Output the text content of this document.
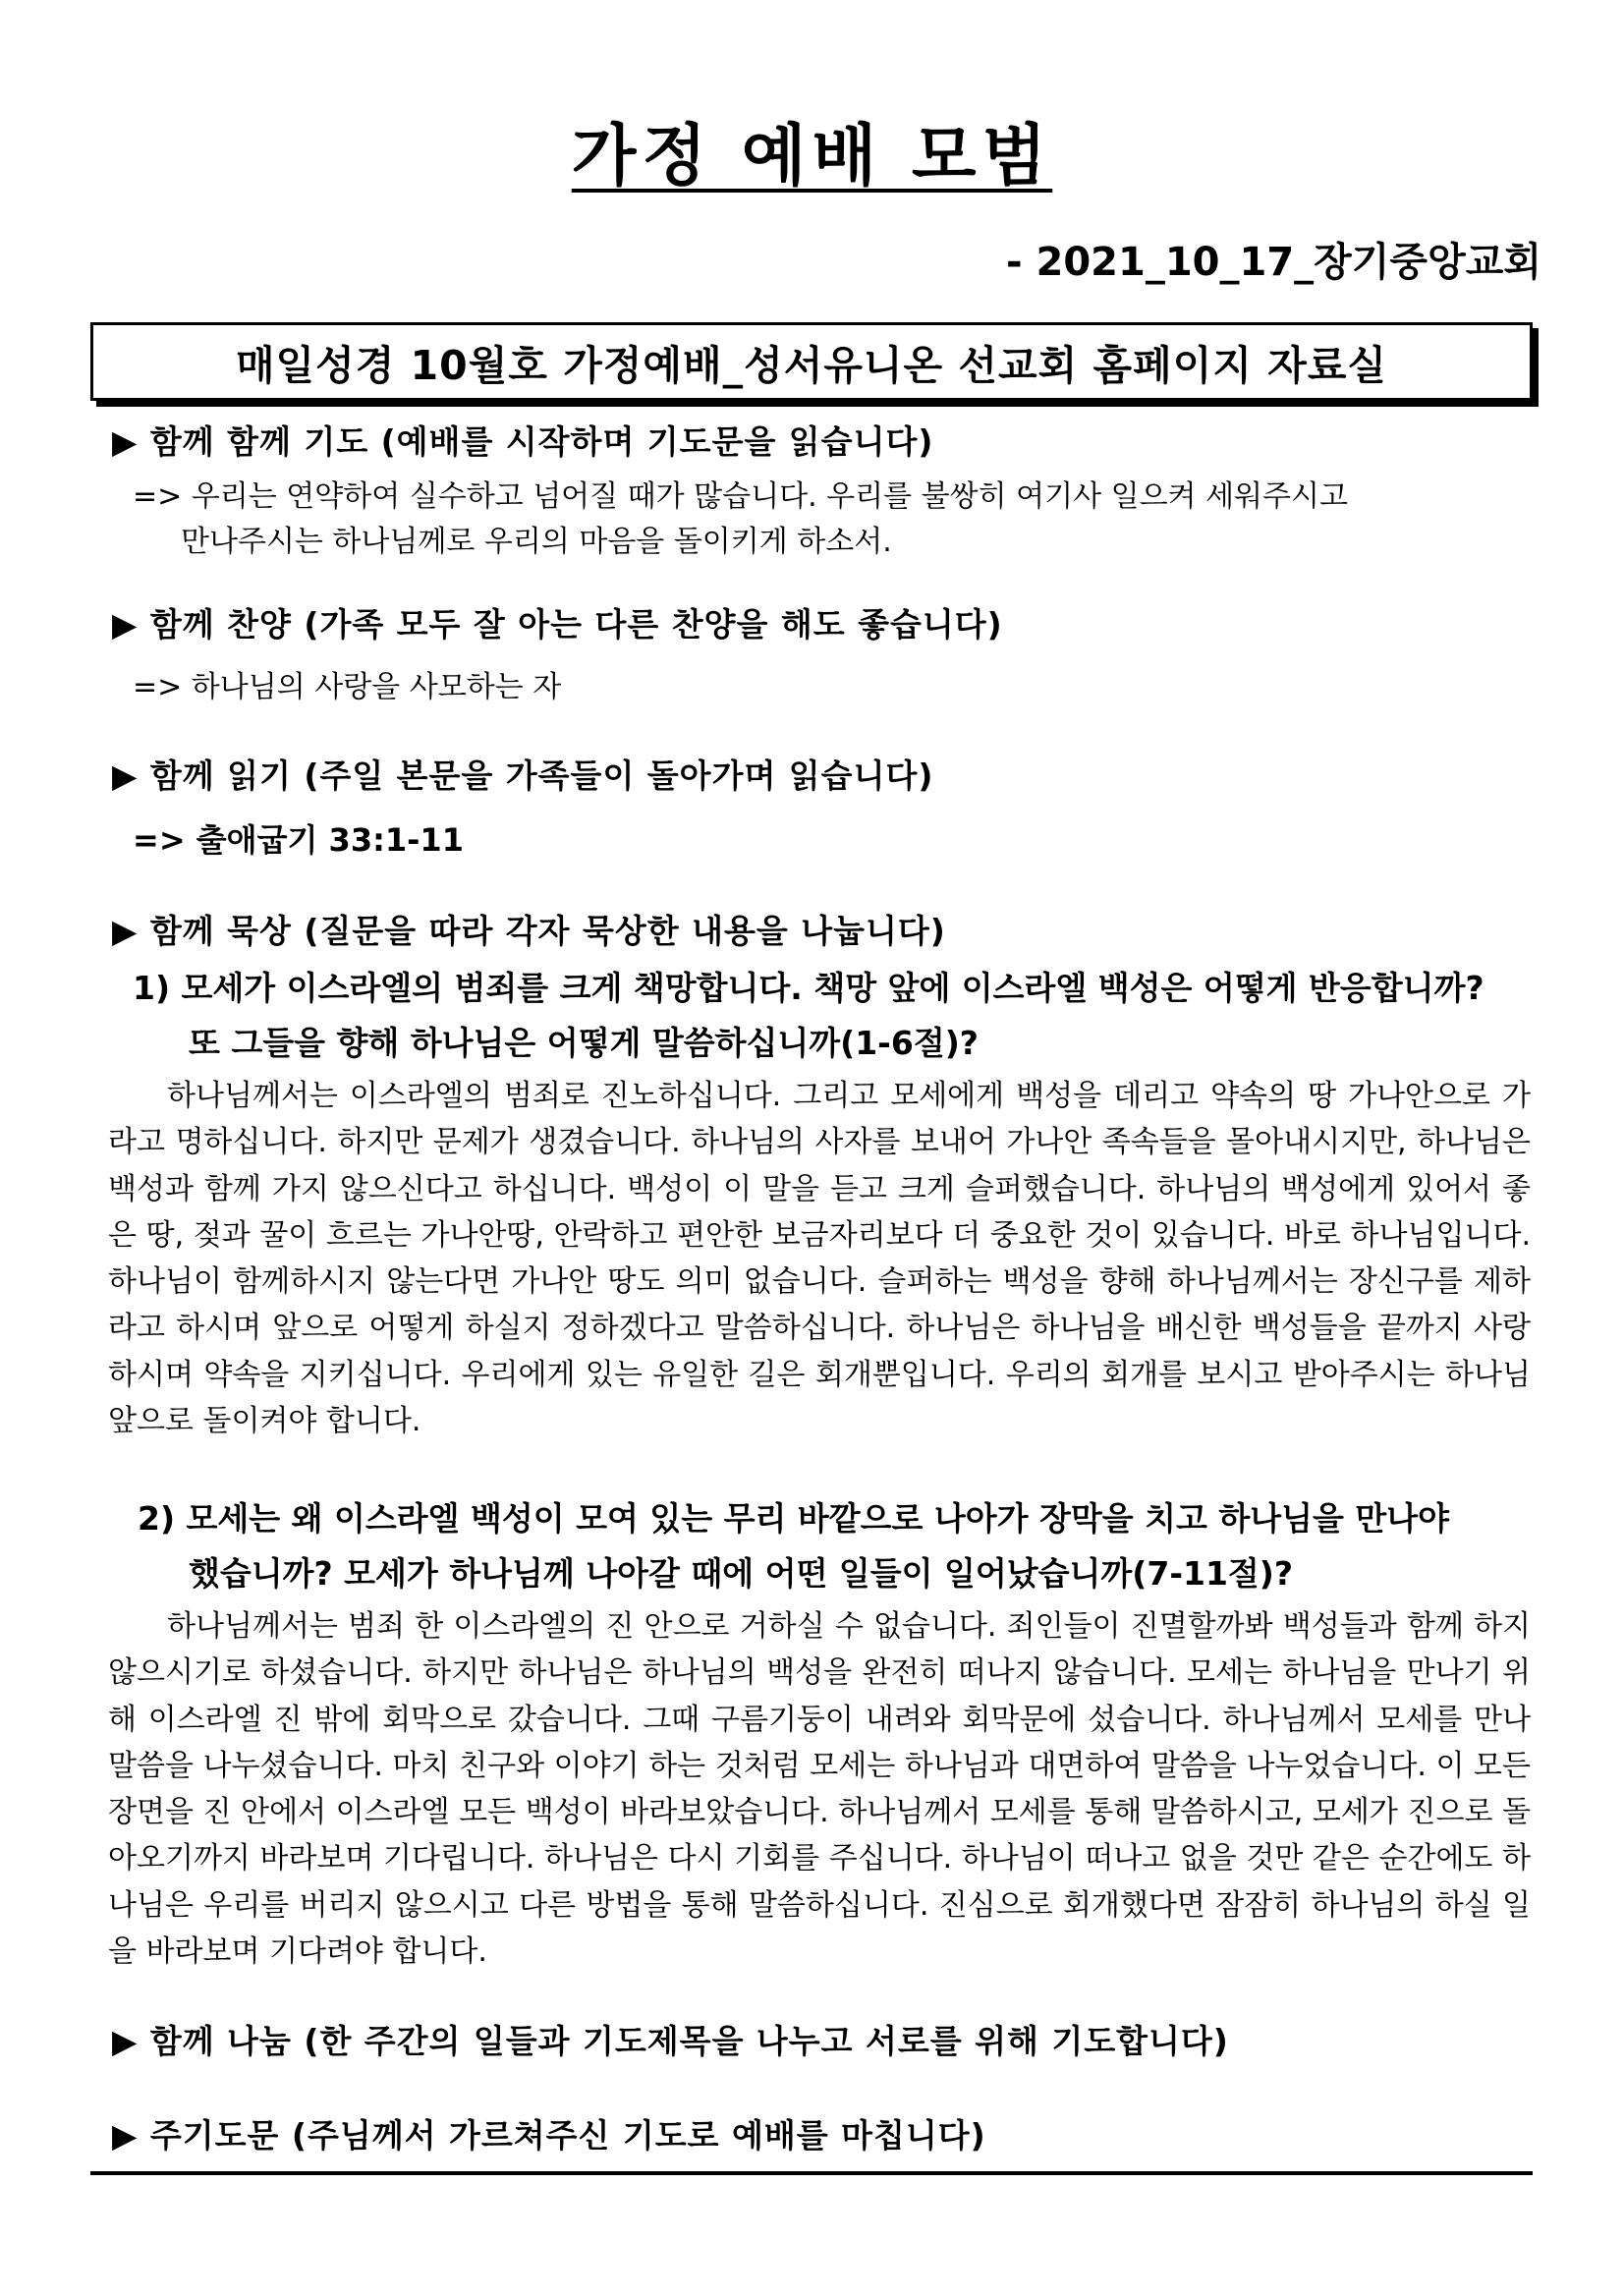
가정 예배 모범
- 2021_10_17_장기중앙교회
매일성경 10월호 가정예배_성서유니온 선교회 홈페이지 자료실
▶ 함께 함께 기도 (예배를 시작하며 기도문을 읽습니다)
=> 우리는 연약하여 실수하고 넘어질 때가 많습니다. 우리를 불쌍히 여기사 일으켜 세워주시고
만나주시는 하나님께로 우리의 마음을 돌이키게 하소서.
▶ 함께 찬양 (가족 모두 잘 아는 다른 찬양을 해도 좋습니다)
=> 하나님의 사랑을 사모하는 자
▶ 함께 읽기 (주일 본문을 가족들이 돌아가며 읽습니다)
=> 출애굽기 33:1-11
▶ 함께 묵상 (질문을 따라 각자 묵상한 내용을 나눕니다)
1) 모세가 이스라엘의 범죄를 크게 책망합니다. 책망 앞에 이스라엘 백성은 어떻게 반응합니까?
또 그들을 향해 하나님은 어떻게 말씀하십니까(1-6절)?

하나님께서는 이스라엘의 범죄로 진노하십니다. 그리고 모세에게 백성을 데리고 약속의 땅 가나안으로 가라고 명하십니다. 하지만 문제가 생겼습니다. 하나님의 사자를 보내어 가나안 족속들을 몰아내시지만, 하나님은 백성과 함께 가지 않으신다고 하십니다. 백성이 이 말을 듣고 크게 슬퍼했습니다. 하나님의 백성에게 있어서 좋은 땅, 젖과 꿀이 흐르는 가나안땅, 안락하고 편안한 보금자리보다 더 중요한 것이 있습니다. 바로 하나님입니다. 하나님이 함께하시지 않는다면 가나안 땅도 의미 없습니다. 슬퍼하는 백성을 향해 하나님께서는 장신구를 제하라고 하시며 앞으로 어떻게 하실지 정하겠다고 말씀하십니다. 하나님은 하나님을 배신한 백성들을 끝까지 사랑하시며 약속을 지키십니다. 우리에게 있는 유일한 길은 회개뿐입니다. 우리의 회개를 보시고 받아주시는 하나님 앞으로 돌이켜야 합니다.

2) 모세는 왜 이스라엘 백성이 모여 있는 무리 바깥으로 나아가 장막을 치고 하나님을 만나야
했습니까? 모세가 하나님께 나아갈 때에 어떤 일들이 일어났습니까(7-11절)?

하나님께서는 범죄 한 이스라엘의 진 안으로 거하실 수 없습니다. 죄인들이 진멸할까봐 백성들과 함께 하지 않으시기로 하셨습니다. 하지만 하나님은 하나님의 백성을 완전히 떠나지 않습니다. 모세는 하나님을 만나기 위해 이스라엘 진 밖에 회막으로 갔습니다. 그때 구름기둥이 내려와 회막문에 섰습니다. 하나님께서 모세를 만나 말씀을 나누셨습니다. 마치 친구와 이야기 하는 것처럼 모세는 하나님과 대면하여 말씀을 나누었습니다. 이 모든 장면을 진 안에서 이스라엘 모든 백성이 바라보았습니다. 하나님께서 모세를 통해 말씀하시고, 모세가 진으로 돌아오기까지 바라보며 기다립니다. 하나님은 다시 기회를 주십니다. 하나님이 떠나고 없을 것만 같은 순간에도 하나님은 우리를 버리지 않으시고 다른 방법을 통해 말씀하십니다. 진심으로 회개했다면 잠잠히 하나님의 하실 일을 바라보며 기다려야 합니다.

▶ 함께 나눔 (한 주간의 일들과 기도제목을 나누고 서로를 위해 기도합니다)
▶ 주기도문 (주님께서 가르쳐주신 기도로 예배를 마칩니다)
